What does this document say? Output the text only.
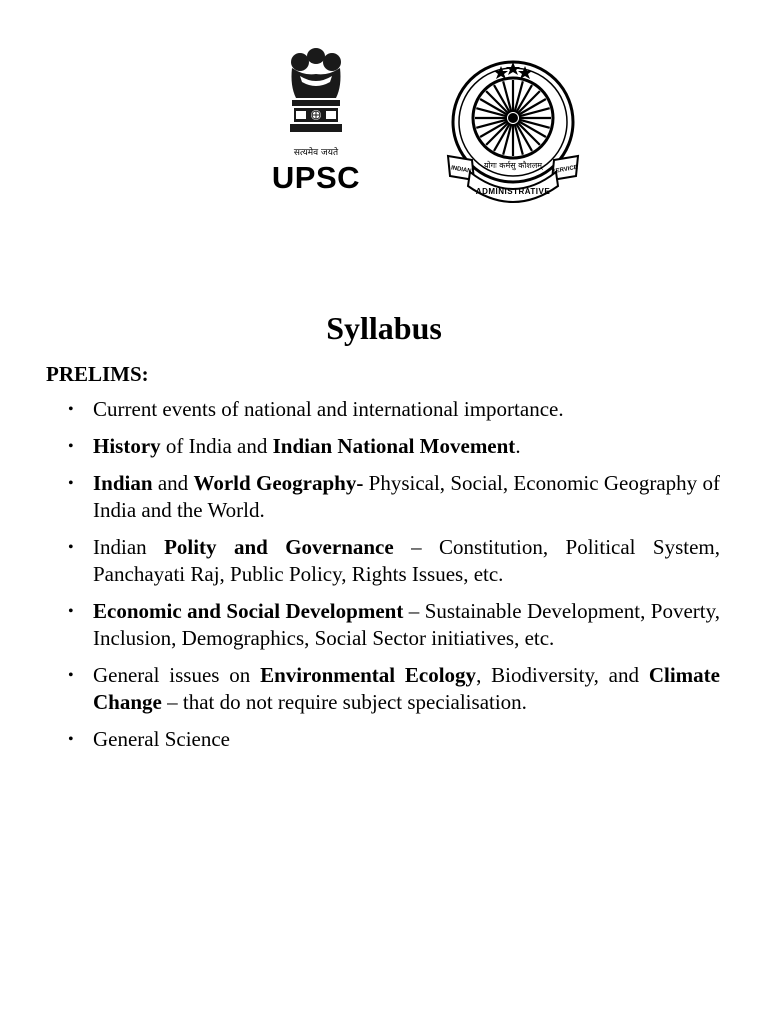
सत्यमेव जयते
UPSC	योगः कर्मसु कौशलम्
INDIAN	SERVICE
ADMINISTRATIVE
Syllabus
PRELIMS:
• Current events of national and international importance.
• History of India and Indian National Movement.
• Indian and World Geography- Physical, Social, Economic Geography of India and the World.
• Indian Polity and Governance – Constitution, Political System, Panchayati Raj, Public Policy, Rights Issues, etc.
• Economic and Social Development – Sustainable Development, Poverty, Inclusion, Demographics, Social Sector initiatives, etc.
• General issues on Environmental Ecology, Biodiversity, and Climate Change – that do not require subject specialisation.
• General Science
